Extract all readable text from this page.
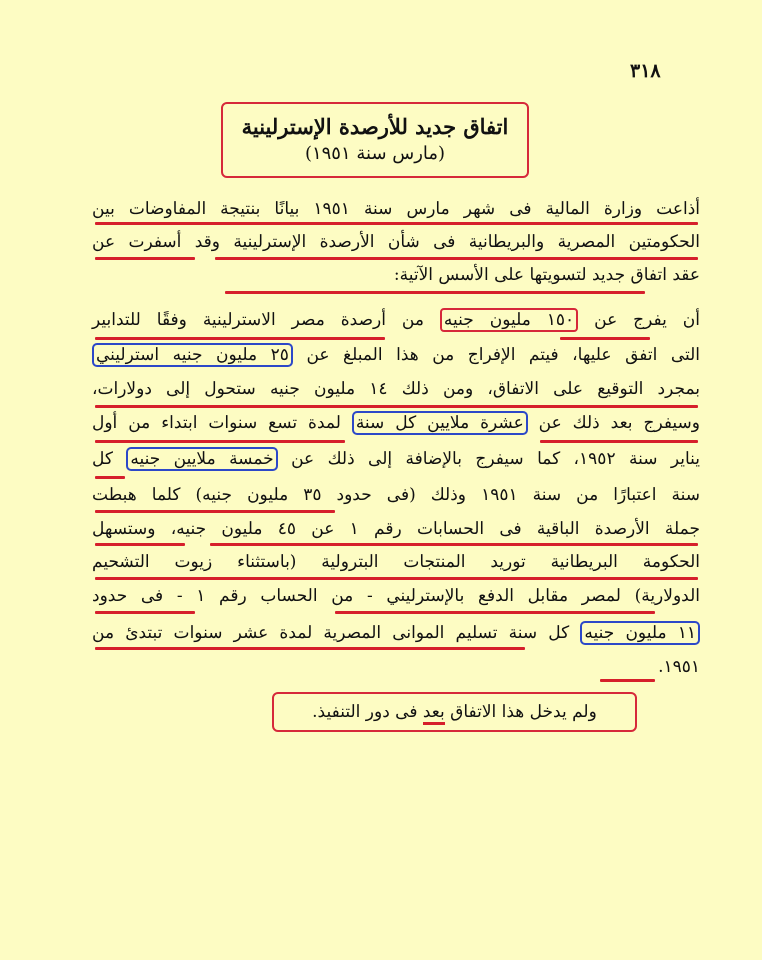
٣١٨
اتفاق جديد للأرصدة الإسترلينية
(مارس سنة ١٩٥١)
أذاعت وزارة المالية فى شهر مارس سنة ١٩٥١ بيانًا بنتيجة المفاوضات بين
الحكومتين المصرية والبريطانية فى شأن الأرصدة الإسترلينية وقد أسفرت عن
عقد اتفاق جديد لتسويتها على الأسس الآتية:
أن يفرج عن ١٥٠ مليون جنيه من أرصدة مصر الاسترلينية وفقًا للتدابير
التى اتفق عليها، فيتم الإفراج من هذا المبلغ عن ٢٥ مليون جنيه استرليني
بمجرد التوقيع على الاتفاق، ومن ذلك ١٤ مليون جنيه ستحول إلى دولارات،
وسيفرج بعد ذلك عن عشرة ملايين كل سنة لمدة تسع سنوات ابتداء من أول
يناير سنة ١٩٥٢، كما سيفرج بالإضافة إلى ذلك عن خمسة ملايين جنيه كل
سنة اعتبارًا من سنة ١٩٥١ وذلك (فى حدود ٣٥ مليون جنيه) كلما هبطت
جملة الأرصدة الباقية فى الحسابات رقم ١ عن ٤٥ مليون جنيه، وستسهل
الحكومة البريطانية توريد المنتجات البترولية (باستثناء زيوت التشحيم
الدولارية) لمصر مقابل الدفع بالإسترليني - من الحساب رقم ١ - فى حدود
١١ مليون جنيه كل سنة تسليم الموانى المصرية لمدة عشر سنوات تبتدئ من
١٩٥١.
ولم يدخل هذا الاتفاق بعد فى دور التنفيذ.
